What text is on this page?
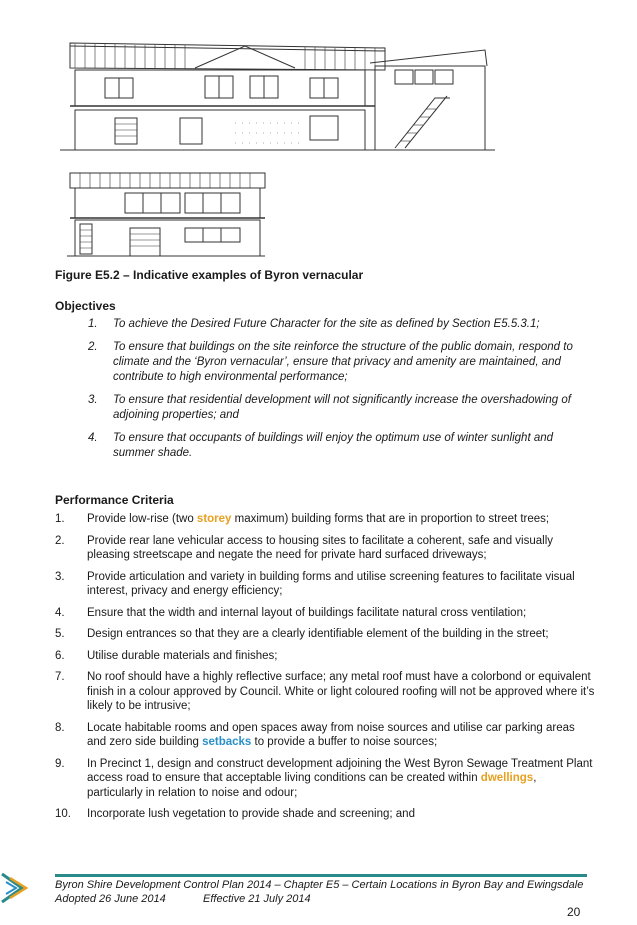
Figure E5.2 – Indicative examples of Byron vernacular

Objectives

1.	To achieve the Desired Future Character for the site as defined by Section E5.5.3.1;
2.	To ensure that buildings on the site reinforce the structure of the public domain, respond to climate and the ‘Byron vernacular’, ensure that privacy and amenity are maintained, and contribute to high environmental performance;
3.	To ensure that residential development will not significantly increase the overshadowing of adjoining properties; and
4.	To ensure that occupants of buildings will enjoy the optimum use of winter sunlight and summer shade.

Performance Criteria

1.	Provide low-rise (two storey maximum) building forms that are in proportion to street trees;
2.	Provide rear lane vehicular access to housing sites to facilitate a coherent, safe and visually pleasing streetscape and negate the need for private hard surfaced driveways;
3.	Provide articulation and variety in building forms and utilise screening features to facilitate visual interest, privacy and energy efficiency;
4.	Ensure that the width and internal layout of buildings facilitate natural cross ventilation;
5.	Design entrances so that they are a clearly identifiable element of the building in the street;
6.	Utilise durable materials and finishes;
7.	No roof should have a highly reflective surface; any metal roof must have a colorbond or equivalent finish in a colour approved by Council. White or light coloured roofing will not be approved where it’s likely to be intrusive;
8.	Locate habitable rooms and open spaces away from noise sources and utilise car parking areas and zero side building setbacks to provide a buffer to noise sources;
9.	In Precinct 1, design and construct development adjoining the West Byron Sewage Treatment Plant access road to ensure that acceptable living conditions can be created within dwellings, particularly in relation to noise and odour;
10.	Incorporate lush vegetation to provide shade and screening; and
Byron Shire Development Control Plan 2014 – Chapter E5 – Certain Locations in Byron Bay and Ewingsdale
Adopted 26 June 2014	Effective 21 July 2014
20
